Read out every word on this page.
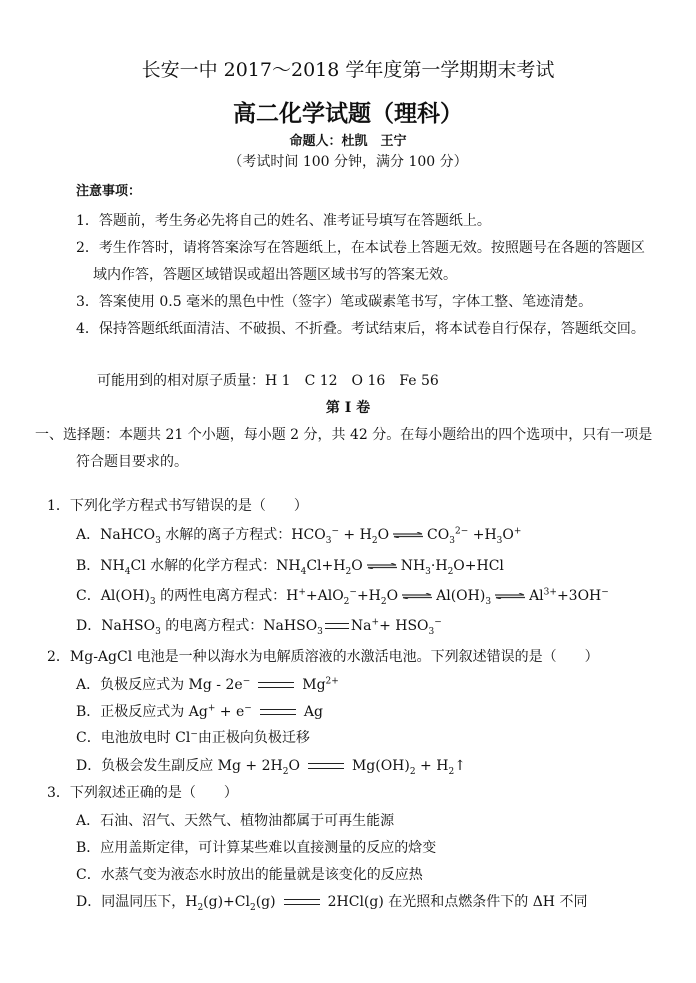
长安一中 2017～2018 学年度第一学期期末考试
高二化学试题（理科）
命题人：杜凯　王宁
（考试时间 100 分钟，满分 100 分）
注意事项：
1．答题前，考生务必先将自己的姓名、准考证号填写在答题纸上。
2．考生作答时，请将答案涂写在答题纸上，在本试卷上答题无效。按照题号在各题的答题区
域内作答，答题区域错误或超出答题区域书写的答案无效。
3．答案使用 0.5 毫米的黑色中性（签字）笔或碳素笔书写，字体工整、笔迹清楚。
4．保持答题纸纸面清洁、不破损、不折叠。考试结束后，将本试卷自行保存，答题纸交回。
可能用到的相对原子质量：H 1　C 12　O 16　Fe 56
第 I 卷
一、选择题：本题共 21 个小题，每小题 2 分，共 42 分。在每小题给出的四个选项中，只有一项是
符合题目要求的。
1．下列化学方程式书写错误的是（　　）
A．NaHCO$_3$ 水解的离子方程式：$HCO_3^- + H_2O$	$CO_3^{2-} +H_3O^+$
B．$NH_4Cl$ 水解的化学方程式：$NH_4Cl+H_2O$	$NH_3\cdot H_2O+HCl$
C．$Al(OH)_3$ 的两性电离方程式：$H^++AlO_2^-+H_2O$	$Al(OH)_3$	$Al^{3+}+3OH^-$
D．NaHSO$_3$ 的电离方程式：NaHSO$_3$ $Na^++ HSO_3^-$
2．Mg-AgCl 电池是一种以海水为电解质溶液的水激活电池。下列叙述错误的是（　　）
A．负极反应式为 Mg - 2e−	$Mg^{2+}$
B．正极反应式为 Ag+ + e−	Ag
C．电池放电时 Cl−由正极向负极迁移
D．负极会发生副反应 $Mg + 2H_2O$	$Mg(OH)_2$ + $H_2↑$
3．下列叙述正确的是（　　）
A．石油、沼气、天然气、植物油都属于可再生能源
B．应用盖斯定律，可计算某些难以直接测量的反应的焓变
C．水蒸气变为液态水时放出的能量就是该变化的反应热
D．同温同压下，$H_2(g)+Cl_2(g)$	2HCl(g) 在光照和点燃条件下的 ΔH 不同
